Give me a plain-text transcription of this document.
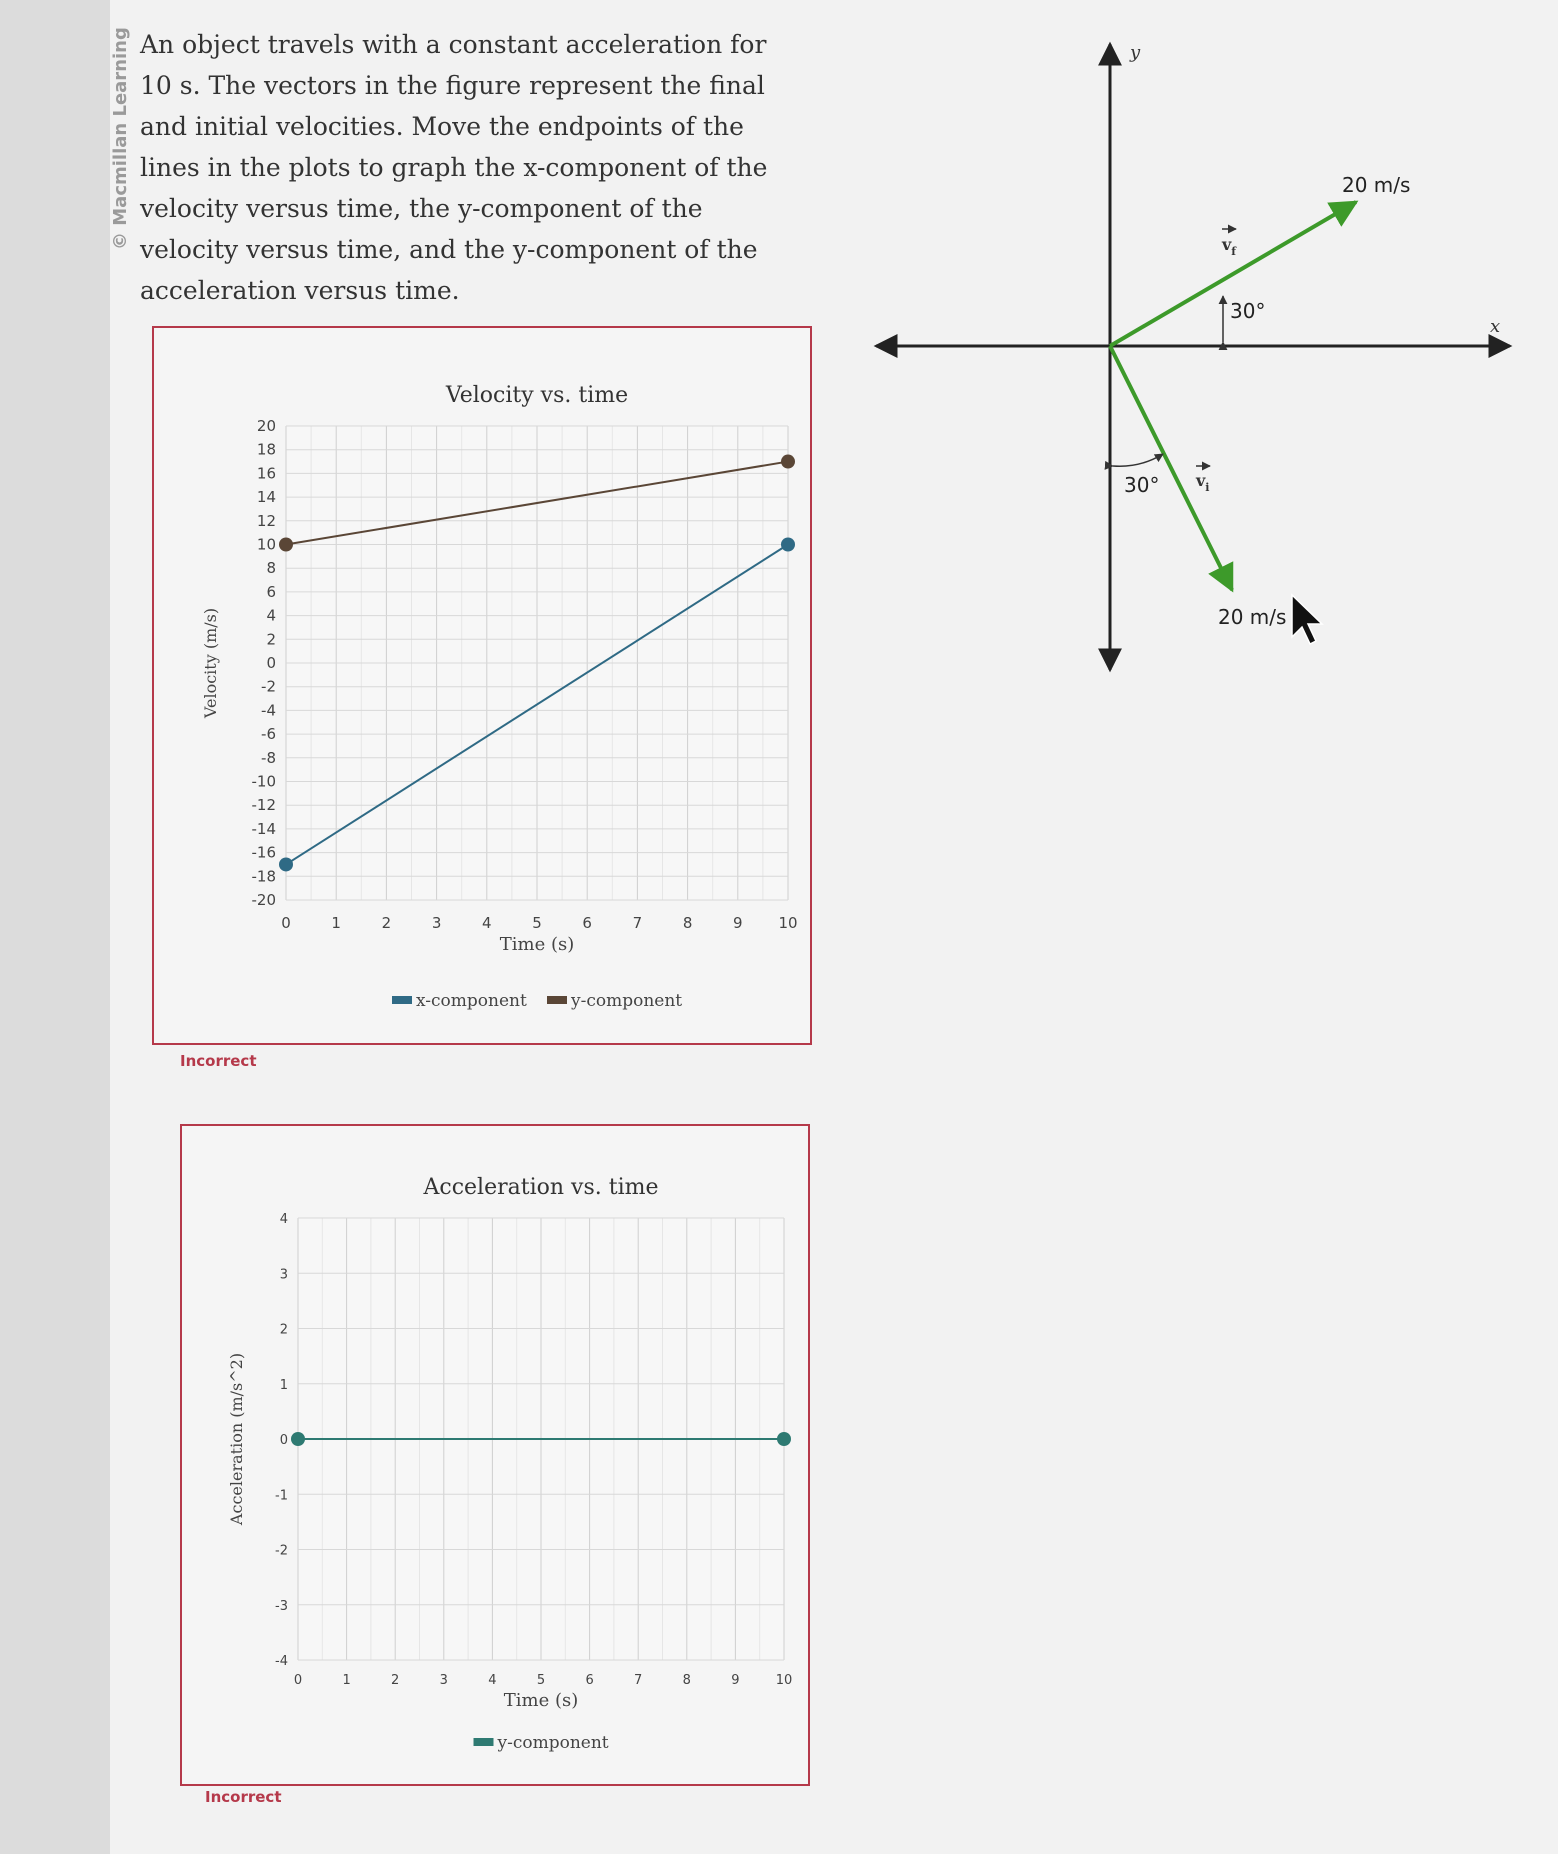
© Macmillan Learning An object travels with a constant acceleration for 10 s. The vectors in the figure represent the final and initial velocities. Move the endpoints of the lines in the plots to graph the x-component of the velocity versus time, the y-component of the velocity versus time, and the y-component of the acceleration versus time.
Velocity vs. time
20
18
16
14
12
10
8
6
4
2
0
-2
-4
-6
-8
-10
-12
-14
-16
-18
-20
0	1	2	3	4	5	6	7	8	9 10
Time (s)
Velocity (m/s)
x-component	y-component
Incorrect
Acceleration vs. time
4
3
2
1
0
-1
-2
-3
-4
0	1	2	3	4	5	6	7	8	9	10
Time (s)
Acceleration (m/s^2)
y-component
Incorrect
y
x
$v_f$
30°
20 m/s
$v_i$
30°
20 m/s
